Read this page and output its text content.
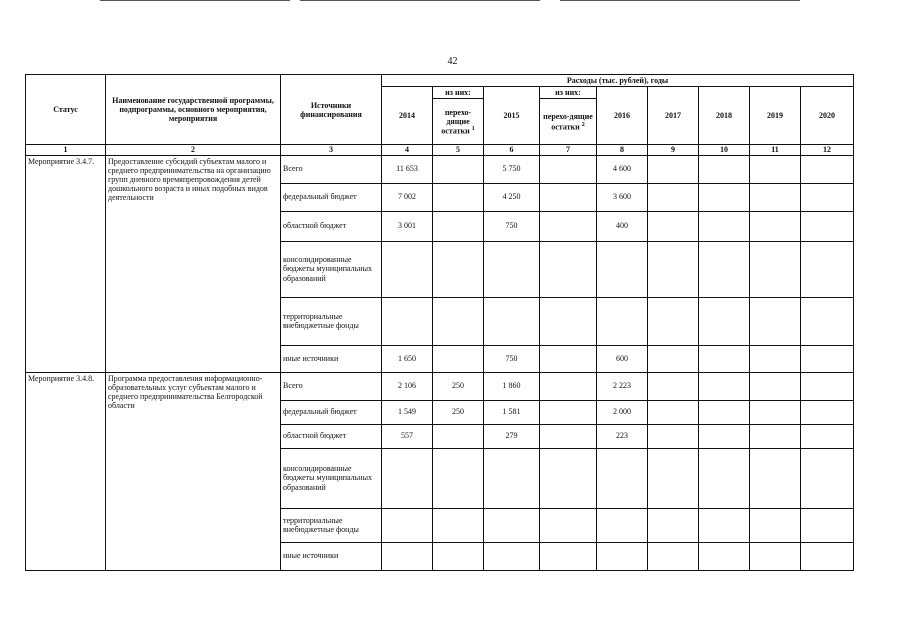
42
Статус	Наименование государственной программы, подпрограммы, основного мероприятия, мероприятия	Источники финансирования	Расходы (тыс. рублей), годы								
			2014	из них:	2015	из них:	2016	2017	2018	2019	2020
				перехо-дящие остатки $^1$		перехо-дящие остатки $^2$
1	2	3	4	5	6	7	8	9	10	11	12
Мероприятие 3.4.7.	Предоставление субсидий субъектам малого и среднего предпринимательства на организацию групп дневного времяпрепровождения детей дошкольного возраста и иных подобных видов деятельности	Всего	11 653		5 750		4 600				
		федеральный бюджет	7 002		4 250		3 600				
		областной бюджет	3 001		750		400				
		консолидированные бюджеты муниципальных образований									
		территориальные внебюджетные фонды									
		иные источники	1 650		750		600				
Мероприятие 3.4.8.	Программа предоставления информационно-образовательных услуг субъектам малого и среднего предпринимательства Белгородской области	Всего	2 106	250	1 860		2 223				
		федеральный бюджет	1 549	250	1 581		2 000				
		областной бюджет	557		279		223				
		консолидированные бюджеты муниципальных образований									
		территориальные внебюджетные фонды									
		иные источники									
